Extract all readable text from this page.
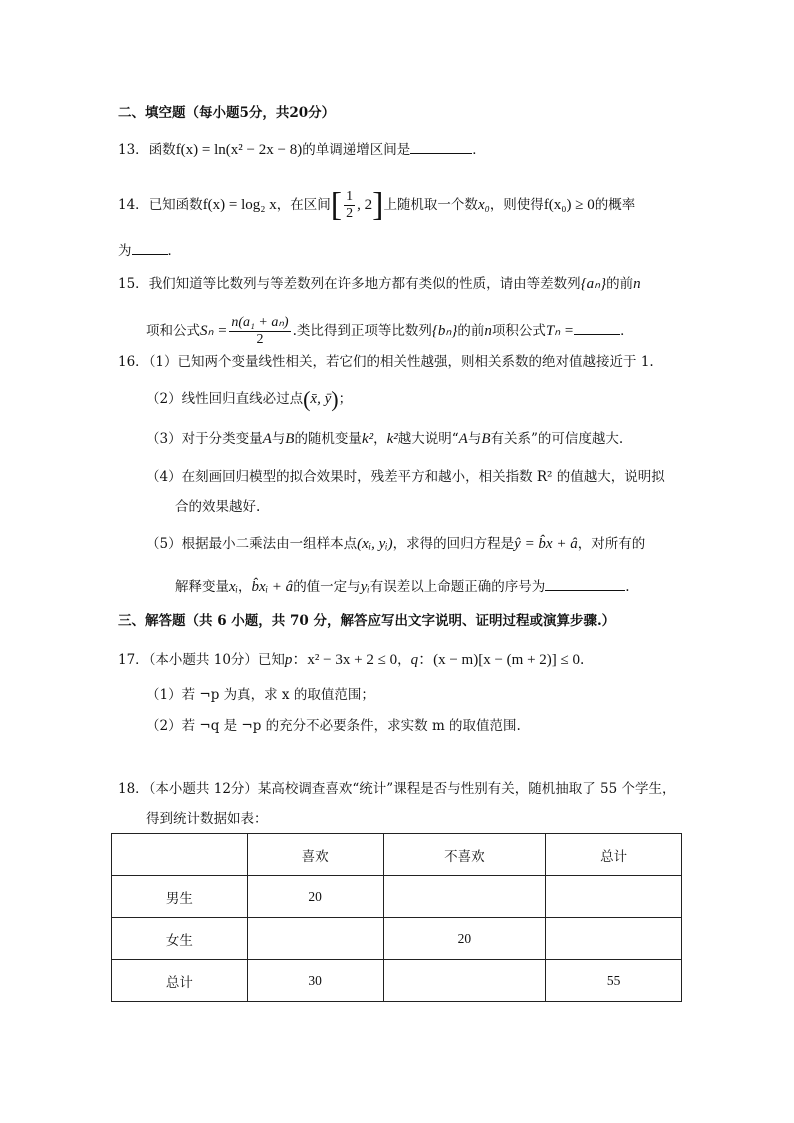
二、填空题（每小题5分，共20分）
13．函数f(x) = ln(x² − 2x − 8)的单调递增区间是	．
14．已知函数f(x) = log₂ x，在区间[ $\frac{1}{2}$ , 2]上随机取一个数x₀，则使得f(x₀) ≥ 0的概率
为	．
15．我们知道等比数列与等差数列在许多地方都有类似的性质，请由等差数列{aₙ}的前n
项和公式$S_n = \frac{\text{n(a₁ + aₙ)}}{2}$ .类比得到正项等比数列{bₙ}的前n项积公式Tₙ =	．
16．（1）已知两个变量线性相关，若它们的相关性越强，则相关系数的绝对值越接近于 1.
（2）线性回归直线必过点(x̄, ȳ)；
（3）对于分类变量A与B的随机变量k²，k²越大说明“A与B有关系”的可信度越大.
（4）在刻画回归模型的拟合效果时，残差平方和越小，相关指数 R² 的值越大，说明拟
合的效果越好.
（5）根据最小二乘法由一组样本点(xᵢ, yᵢ)，求得的回归方程是ŷ = b̂x + â，对所有的
解释变量xᵢ，b̂xᵢ + â的值一定与yᵢ有误差以上命题正确的序号为	.
三、解答题（共 6 小题，共 70 分，解答应写出文字说明、证明过程或演算步骤.）
17．（本小题共 10分）已知p：x² − 3x + 2 ≤ 0，q：(x − m)[x − (m + 2)] ≤ 0.
（1）若 ¬p 为真，求 x 的取值范围；
（2）若 ¬q 是 ¬p 的充分不必要条件，求实数 m 的取值范围.
18．（本小题共 12分）某高校调查喜欢“统计”课程是否与性别有关，随机抽取了 55 个学生，
得到统计数据如表：
	喜欢	不喜欢	总计
男生	20		
女生		20	
总计	30		55
